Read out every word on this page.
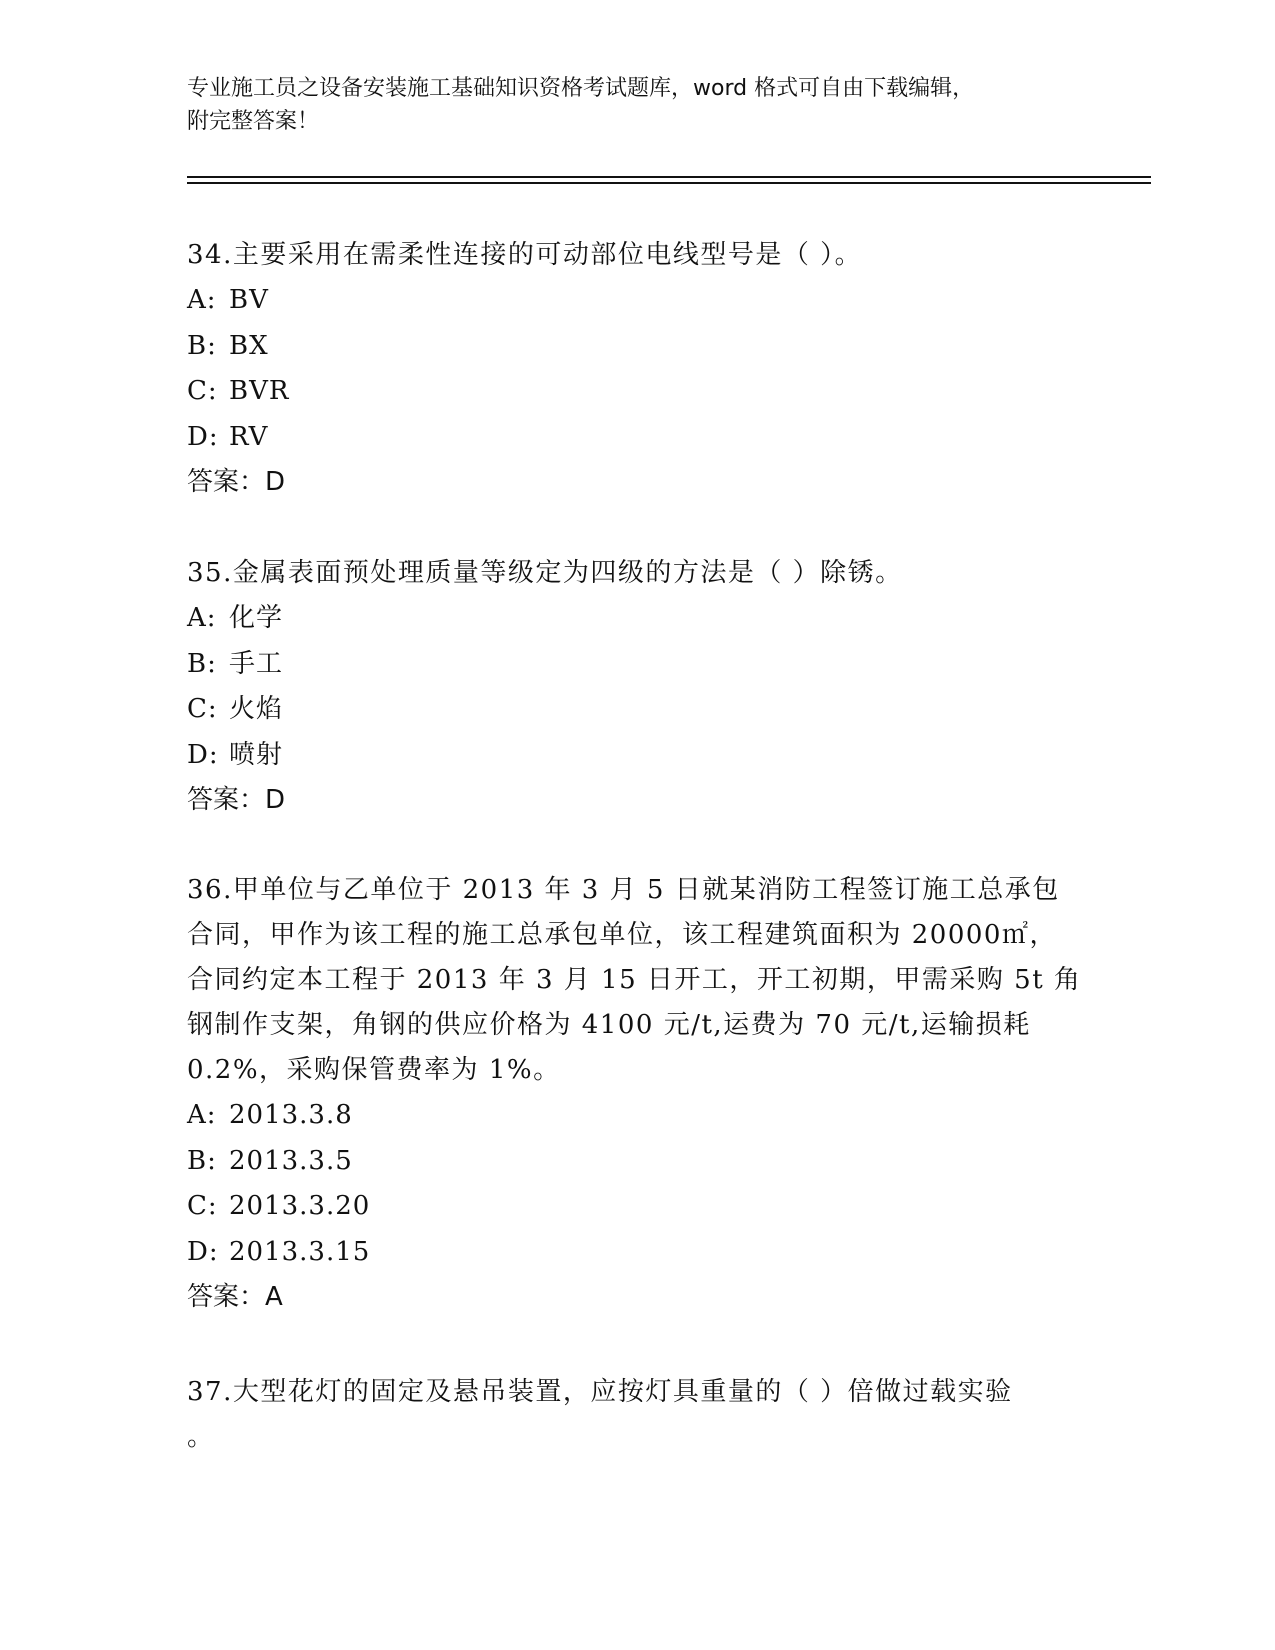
专业施工员之设备安装施工基础知识资格考试题库，word 格式可自由下载编辑，
附完整答案！
34.主要采用在需柔性连接的可动部位电线型号是（ ）。
A: BV
B: BX
C: BVR
D: RV
答案：D
35.金属表面预处理质量等级定为四级的方法是（ ）除锈。
A: 化学
B: 手工
C: 火焰
D: 喷射
答案：D
36.甲单位与乙单位于 2013 年 3 月 5 日就某消防工程签订施工总承包
合同，甲作为该工程的施工总承包单位，该工程建筑面积为 20000㎡，
合同约定本工程于 2013 年 3 月 15 日开工，开工初期，甲需采购 5t 角
钢制作支架，角钢的供应价格为 4100 元/t,运费为 70 元/t,运输损耗
0.2%，采购保管费率为 1%。
A: 2013.3.8
B: 2013.3.5
C: 2013.3.20
D: 2013.3.15
答案：A
37.大型花灯的固定及悬吊装置，应按灯具重量的（ ）倍做过载实验
。
